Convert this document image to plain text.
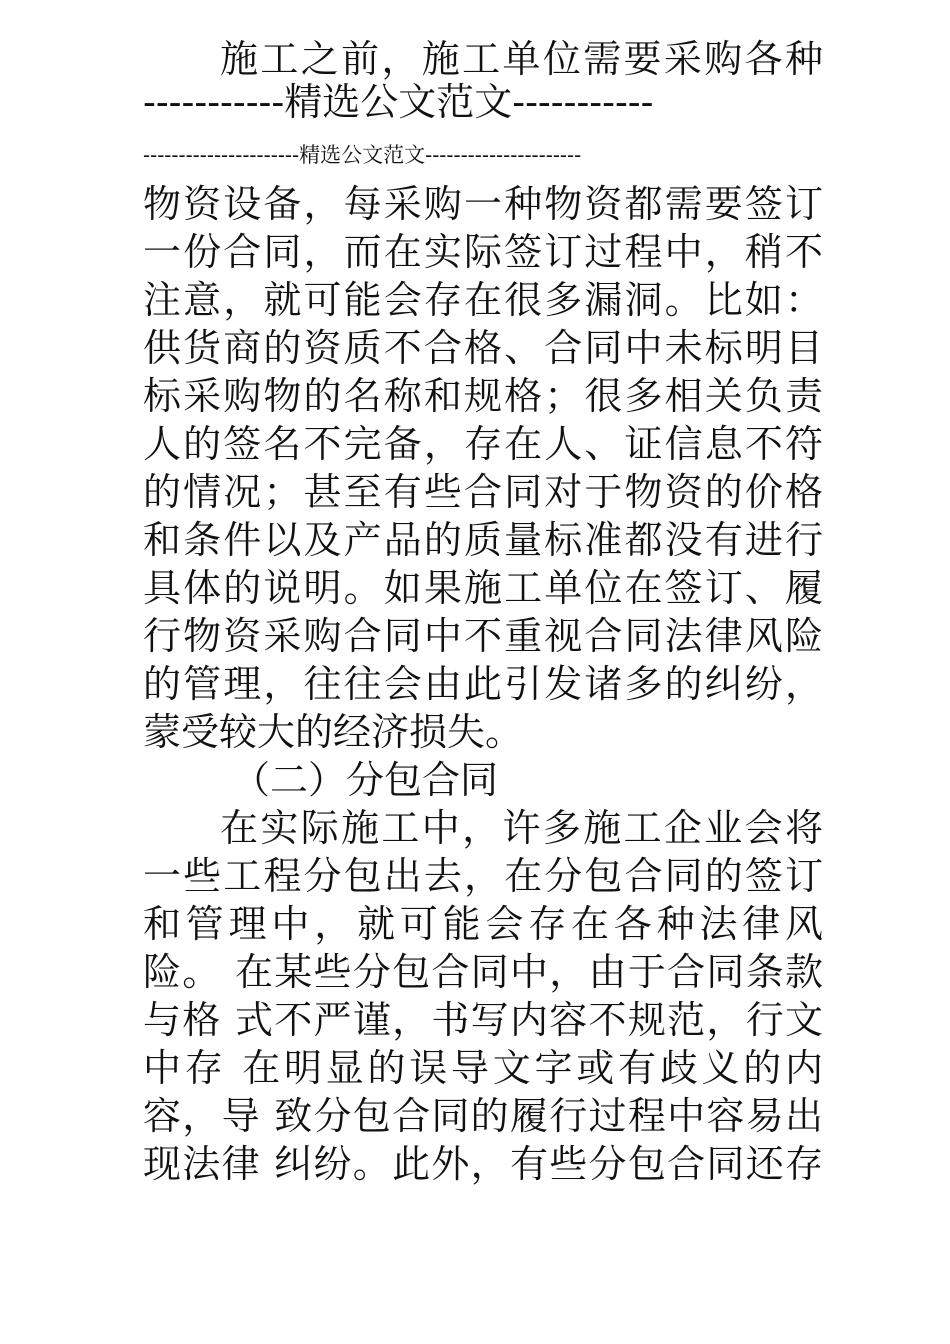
施工之前，施工单位需要采购各种
-----------精选公文范文-----------
----------------------精选公文范文----------------------
物资设备，每采购一种物资都需要签订
一份合同，而在实际签订过程中，稍不
注意，就可能会存在很多漏洞。比如：
供货商的资质不合格、合同中未标明目
标采购物的名称和规格；很多相关负责
人的签名不完备，存在人、证信息不符
的情况；甚至有些合同对于物资的价格
和条件以及产品的质量标准都没有进行
具体的说明。如果施工单位在签订、履
行物资采购合同中不重视合同法律风险
的管理，往往会由此引发诸多的纠纷，
蒙受较大的经济损失。
（二）分包合同
在实际施工中，许多施工企业会将
一些工程分包出去，在分包合同的签订
和管理中，就可能会存在各种法律风
险。 在某些分包合同中，由于合同条款
与格 式不严谨，书写内容不规范，行文
中存 在明显的误导文字或有歧义的内
容，导 致分包合同的履行过程中容易出
现法律 纠纷。此外，有些分包合同还存
